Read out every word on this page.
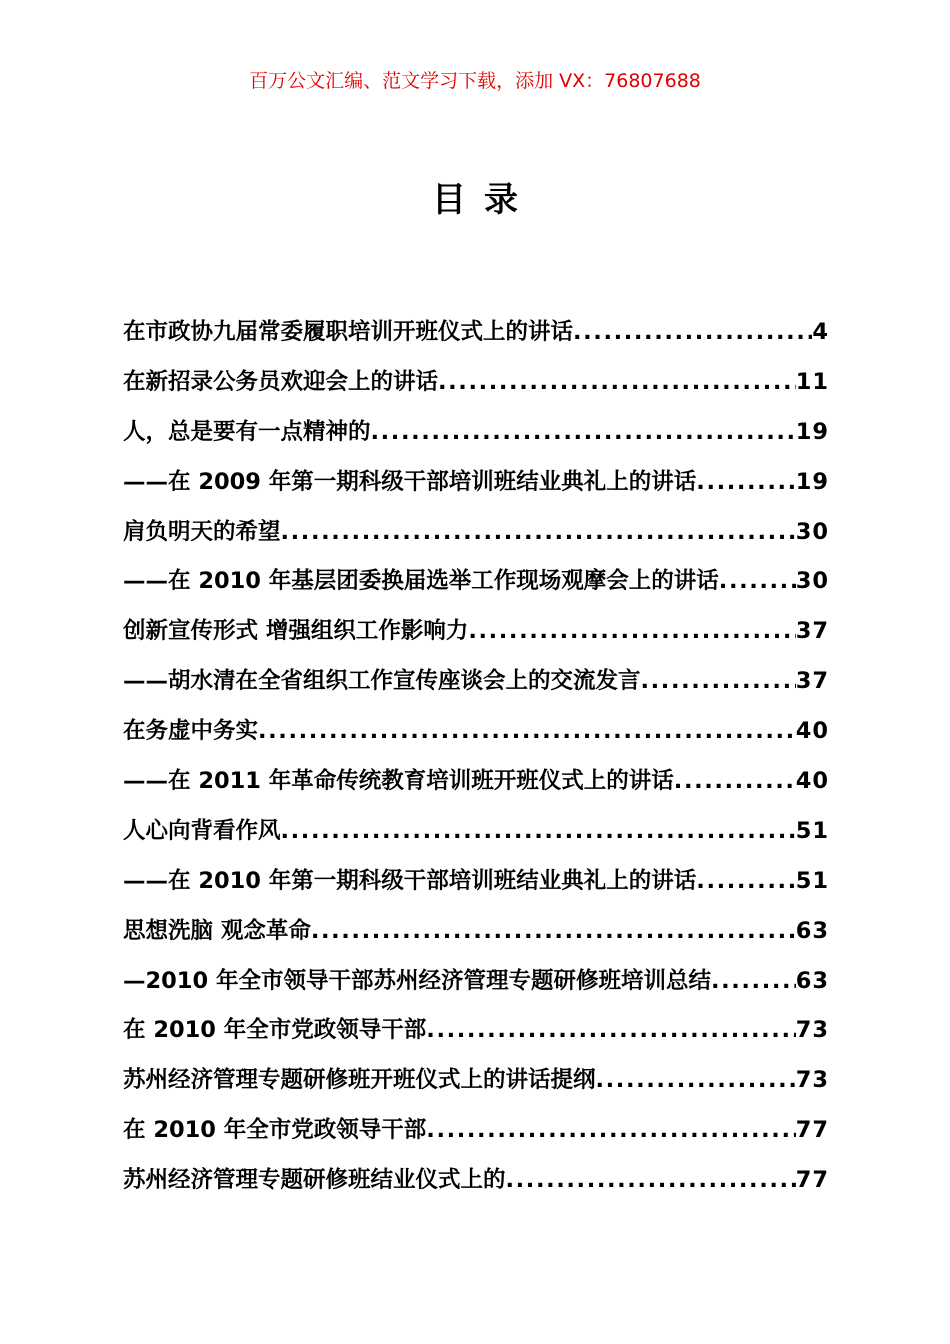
百万公文汇编、范文学习下载，添加 VX：76807688
目录
在市政协九届常委履职培训开班仪式上的讲话 .....	4
在新招录公务员欢迎会上的讲话 .....	11
人，总是要有一点精神的 .....	19
——在 2009 年第一期科级干部培训班结业典礼上的讲话 .....	19
肩负明天的希望 .....	30
——在 2010 年基层团委换届选举工作现场观摩会上的讲话 .....	30
创新宣传形式 增强组织工作影响力 .....	37
——胡水清在全省组织工作宣传座谈会上的交流发言 .....	37
在务虚中务实 .....	40
——在 2011 年革命传统教育培训班开班仪式上的讲话 .....	40
人心向背看作风 .....	51
——在 2010 年第一期科级干部培训班结业典礼上的讲话 .....	51
思想洗脑 观念革命 .....	63
—2010 年全市领导干部苏州经济管理专题研修班培训总结 .....	63
在 2010 年全市党政领导干部 .....	73
苏州经济管理专题研修班开班仪式上的讲话提纲 .....	73
在 2010 年全市党政领导干部 .....	77
苏州经济管理专题研修班结业仪式上的 .....	77
